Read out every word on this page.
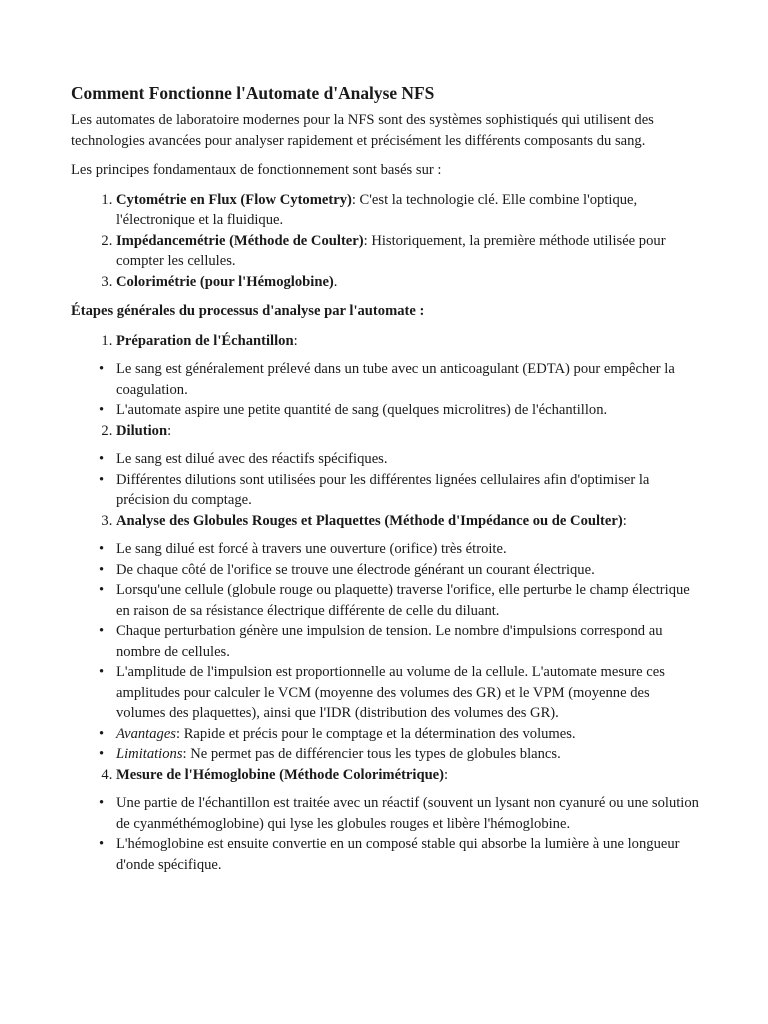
Comment Fonctionne l'Automate d'Analyse NFS

Les automates de laboratoire modernes pour la NFS sont des systèmes sophistiqués qui utilisent des technologies avancées pour analyser rapidement et précisément les différents composants du sang.

Les principes fondamentaux de fonctionnement sont basés sur :

1. Cytométrie en Flux (Flow Cytometry): C'est la technologie clé. Elle combine l'optique, l'électronique et la fluidique.
2. Impédancemétrie (Méthode de Coulter): Historiquement, la première méthode utilisée pour compter les cellules.
3. Colorimétrie (pour l'Hémoglobine).

Étapes générales du processus d'analyse par l'automate :

1. Préparation de l'Échantillon:
• Le sang est généralement prélevé dans un tube avec un anticoagulant (EDTA) pour empêcher la coagulation.
• L'automate aspire une petite quantité de sang (quelques microlitres) de l'échantillon.
2. Dilution:
• Le sang est dilué avec des réactifs spécifiques.
• Différentes dilutions sont utilisées pour les différentes lignées cellulaires afin d'optimiser la précision du comptage.
3. Analyse des Globules Rouges et Plaquettes (Méthode d'Impédance ou de Coulter):
• Le sang dilué est forcé à travers une ouverture (orifice) très étroite.
• De chaque côté de l'orifice se trouve une électrode générant un courant électrique.
• Lorsqu'une cellule (globule rouge ou plaquette) traverse l'orifice, elle perturbe le champ électrique en raison de sa résistance électrique différente de celle du diluant.
• Chaque perturbation génère une impulsion de tension. Le nombre d'impulsions correspond au nombre de cellules.
• L'amplitude de l'impulsion est proportionnelle au volume de la cellule. L'automate mesure ces amplitudes pour calculer le VCM (moyenne des volumes des GR) et le VPM (moyenne des volumes des plaquettes), ainsi que l'IDR (distribution des volumes des GR).
• Avantages: Rapide et précis pour le comptage et la détermination des volumes.
• Limitations: Ne permet pas de différencier tous les types de globules blancs.
4. Mesure de l'Hémoglobine (Méthode Colorimétrique):
• Une partie de l'échantillon est traitée avec un réactif (souvent un lysant non cyanuré ou une solution de cyanméthémoglobine) qui lyse les globules rouges et libère l'hémoglobine.
• L'hémoglobine est ensuite convertie en un composé stable qui absorbe la lumière à une longueur d'onde spécifique.
